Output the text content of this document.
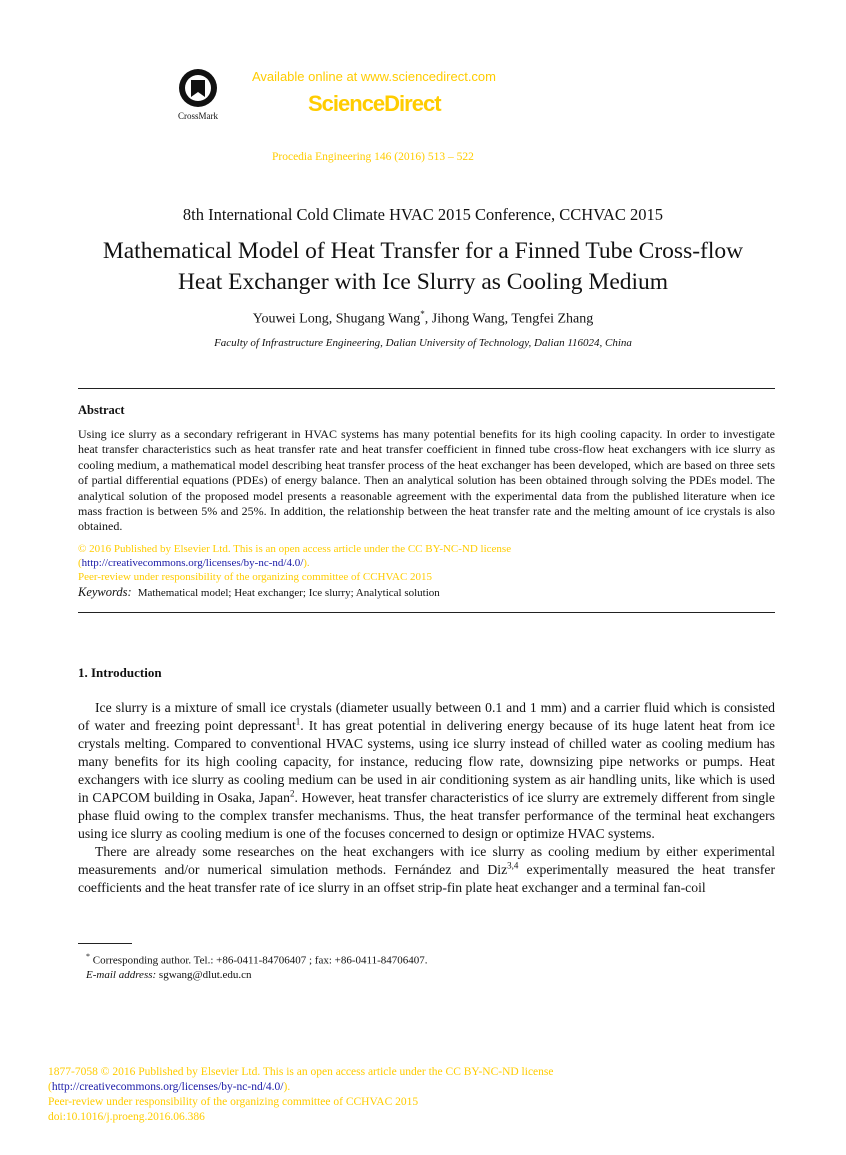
CrossMark
Available online at www.sciencedirect.com
ScienceDirect
Procedia Engineering 146 (2016) 513 – 522
8th International Cold Climate HVAC 2015 Conference, CCHVAC 2015
Mathematical Model of Heat Transfer for a Finned Tube Cross-flow
Heat Exchanger with Ice Slurry as Cooling Medium
Youwei Long, Shugang Wang*, Jihong Wang, Tengfei Zhang
Faculty of Infrastructure Engineering, Dalian University of Technology, Dalian 116024, China
Abstract
Using ice slurry as a secondary refrigerant in HVAC systems has many potential benefits for its high cooling capacity. In order to investigate heat transfer characteristics such as heat transfer rate and heat transfer coefficient in finned tube cross-flow heat exchangers with ice slurry as cooling medium, a mathematical model describing heat transfer process of the heat exchanger has been developed, which are based on three sets of partial differential equations (PDEs) of energy balance. Then an analytical solution has been obtained through solving the PDEs model. The analytical solution of the proposed model presents a reasonable agreement with the experimental data from the published literature when ice mass fraction is between 5% and 25%. In addition, the relationship between the heat transfer rate and the melting amount of ice crystals is also obtained.
© 2016 Published by Elsevier Ltd. This is an open access article under the CC BY-NC-ND license
(http://creativecommons.org/licenses/by-nc-nd/4.0/).
Peer-review under responsibility of the organizing committee of CCHVAC 2015
Keywords: Mathematical model; Heat exchanger; Ice slurry; Analytical solution
1. Introduction

Ice slurry is a mixture of small ice crystals (diameter usually between 0.1 and 1 mm) and a carrier fluid which is consisted of water and freezing point depressant$^1$. It has great potential in delivering energy because of its huge latent heat from ice crystals melting. Compared to conventional HVAC systems, using ice slurry instead of chilled water as cooling medium has many benefits for its high cooling capacity, for instance, reducing flow rate, downsizing pipe networks or pumps. Heat exchangers with ice slurry as cooling medium can be used in air conditioning system as air handling units, like which is used in CAPCOM building in Osaka, Japan$^2$. However, heat transfer characteristics of ice slurry are extremely different from single phase fluid owing to the complex transfer mechanisms. Thus, the heat transfer performance of the terminal heat exchangers using ice slurry as cooling medium is one of the focuses concerned to design or optimize HVAC systems.

There are already some researches on the heat exchangers with ice slurry as cooling medium by either experimental measurements and/or numerical simulation methods. Fernández and Diz$^{3,4}$ experimentally measured the heat transfer coefficients and the heat transfer rate of ice slurry in an offset strip-fin plate heat exchanger and a terminal fan-coil

* Corresponding author. Tel.: +86-0411-84706407 ; fax: +86-0411-84706407.
E-mail address: sgwang@dlut.edu.cn
1877-7058 © 2016 Published by Elsevier Ltd. This is an open access article under the CC BY-NC-ND license
(http://creativecommons.org/licenses/by-nc-nd/4.0/).
Peer-review under responsibility of the organizing committee of CCHVAC 2015
doi:10.1016/j.proeng.2016.06.386
